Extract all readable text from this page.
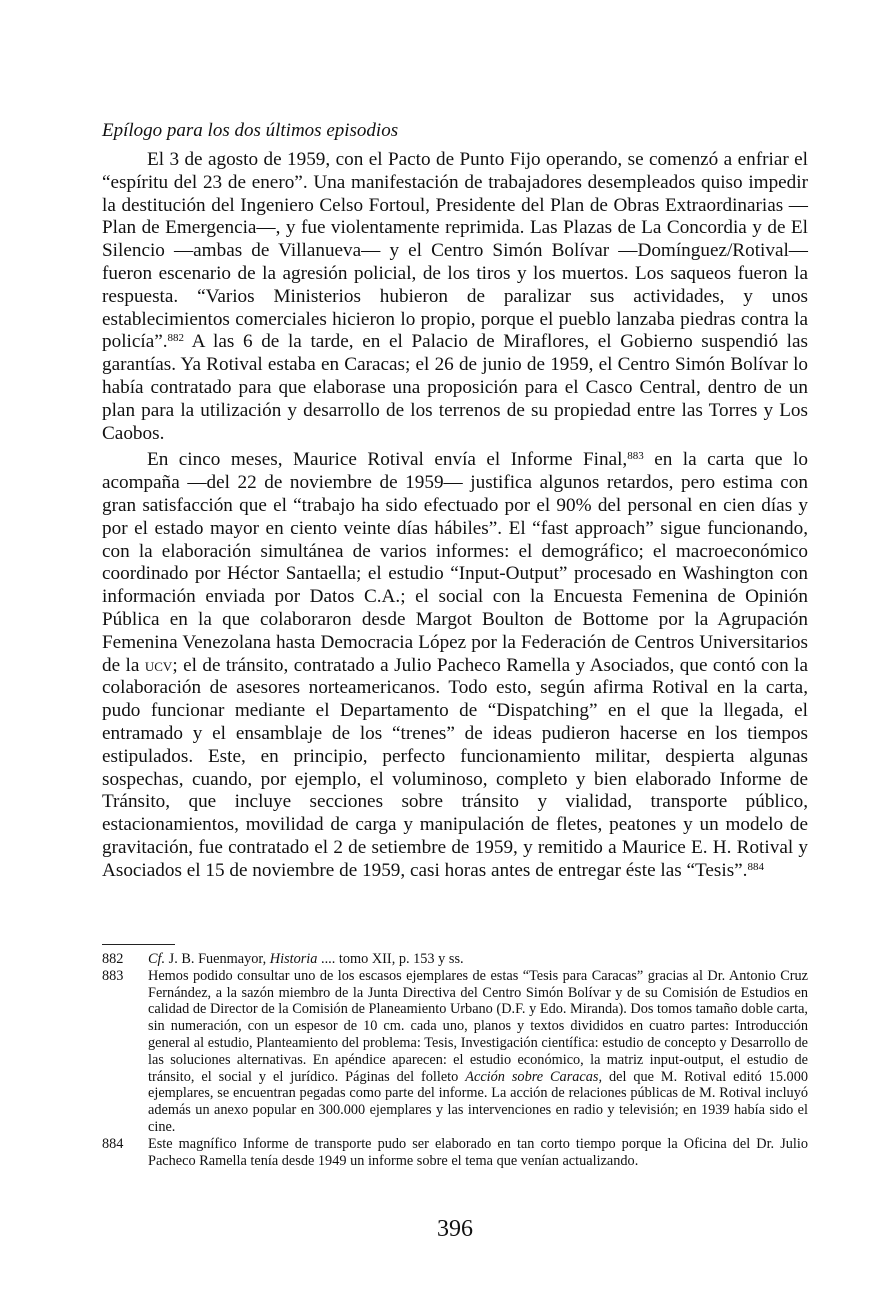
Epílogo para los dos últimos episodios

El 3 de agosto de 1959, con el Pacto de Punto Fijo operando, se comenzó a enfriar el “espíritu del 23 de enero”. Una manifestación de trabajadores desempleados quiso impedir la destitución del Ingeniero Celso Fortoul, Presidente del Plan de Obras Extraordinarias —Plan de Emergencia—, y fue violentamente reprimida. Las Plazas de La Concordia y de El Silencio —ambas de Villanueva— y el Centro Simón Bolívar —Domínguez/Rotival— fueron escenario de la agresión policial, de los tiros y los muertos. Los saqueos fueron la respuesta. “Varios Ministerios hubieron de paralizar sus actividades, y unos establecimientos comerciales hicieron lo propio, porque el pueblo lanzaba piedras contra la policía”.$^{882}$ A las 6 de la tarde, en el Palacio de Miraflores, el Gobierno suspendió las garantías. Ya Rotival estaba en Caracas; el 26 de junio de 1959, el Centro Simón Bolívar lo había contratado para que elaborase una proposición para el Casco Central, dentro de un plan para la utilización y desarrollo de los terrenos de su propiedad entre las Torres y Los Caobos.

En cinco meses, Maurice Rotival envía el Informe Final,$^{883}$ en la carta que lo acompaña —del 22 de noviembre de 1959— justifica algunos retardos, pero estima con gran satisfacción que el “trabajo ha sido efectuado por el 90% del personal en cien días y por el estado mayor en ciento veinte días hábiles”. El “fast approach” sigue funcionando, con la elaboración simultánea de varios informes: el demográfico; el macroeconómico coordinado por Héctor Santaella; el estudio “Input-Output” procesado en Washington con información enviada por Datos C.A.; el social con la Encuesta Femenina de Opinión Pública en la que colaboraron desde Margot Boulton de Bottome por la Agrupación Femenina Venezolana hasta Democracia López por la Federación de Centros Universitarios de la ucv; el de tránsito, contratado a Julio Pacheco Ramella y Asociados, que contó con la colaboración de asesores norteamericanos. Todo esto, según afirma Rotival en la carta, pudo funcionar mediante el Departamento de “Dispatching” en el que la llegada, el entramado y el ensamblaje de los “trenes” de ideas pudieron hacerse en los tiempos estipulados. Este, en principio, perfecto funcionamiento militar, despierta algunas sospechas, cuando, por ejemplo, el voluminoso, completo y bien elaborado Informe de Tránsito, que incluye secciones sobre tránsito y vialidad, transporte público, estacionamientos, movilidad de carga y manipulación de fletes, peatones y un modelo de gravitación, fue contratado el 2 de setiembre de 1959, y remitido a Maurice E. H. Rotival y Asociados el 15 de noviembre de 1959, casi horas antes de entregar éste las “Tesis”.$^{884}$

882 Cf. J. B. Fuenmayor, Historia .... tomo XII, p. 153 y ss.
883 Hemos podido consultar uno de los escasos ejemplares de estas “Tesis para Caracas” gracias al Dr. Antonio Cruz Fernández, a la sazón miembro de la Junta Directiva del Centro Simón Bolívar y de su Comisión de Estudios en calidad de Director de la Comisión de Planeamiento Urbano (D.F. y Edo. Miranda). Dos tomos tamaño doble carta, sin numeración, con un espesor de 10 cm. cada uno, planos y textos divididos en cuatro partes: Introducción general al estudio, Planteamiento del problema: Tesis, Investigación científica: estudio de concepto y Desarrollo de las soluciones alternativas. En apéndice aparecen: el estudio económico, la matriz input-output, el estudio de tránsito, el social y el jurídico. Páginas del folleto Acción sobre Caracas, del que M. Rotival editó 15.000 ejemplares, se encuentran pegadas como parte del informe. La acción de relaciones públicas de M. Rotival incluyó además un anexo popular en 300.000 ejemplares y las intervenciones en radio y televisión; en 1939 había sido el cine.
884 Este magnífico Informe de transporte pudo ser elaborado en tan corto tiempo porque la Oficina del Dr. Julio Pacheco Ramella tenía desde 1949 un informe sobre el tema que venían actualizando.
396
